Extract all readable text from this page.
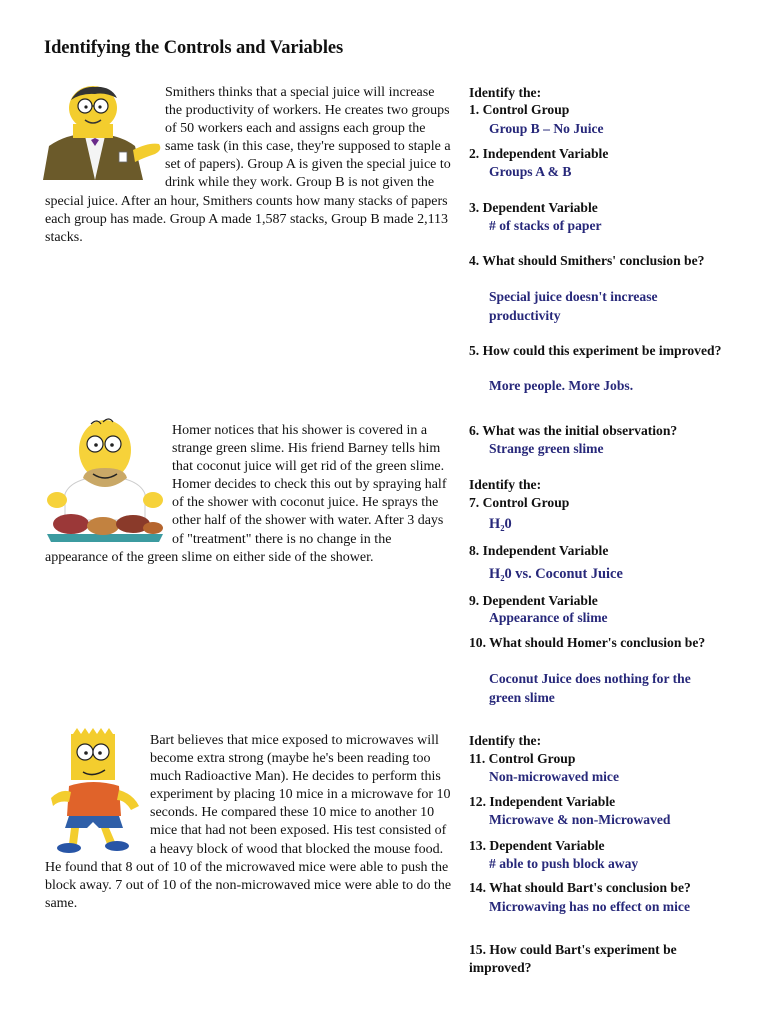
Identifying the Controls and Variables
Smithers thinks that a special juice will increase the productivity of workers. He creates two groups of 50 workers each and assigns each group the same task (in this case, they're supposed to staple a set of papers). Group A is given the special juice to drink while they work. Group B is not given the special juice. After an hour, Smithers counts how many stacks of papers each group has made. Group A made 1,587 stacks, Group B made 2,113 stacks.
Homer notices that his shower is covered in a strange green slime. His friend Barney tells him that coconut juice will get rid of the green slime. Homer decides to check this out by spraying half of the shower with coconut juice. He sprays the other half of the shower with water. After 3 days of "treatment" there is no change in the appearance of the green slime on either side of the shower.
Bart believes that mice exposed to microwaves will become extra strong (maybe he's been reading too much Radioactive Man). He decides to perform this experiment by placing 10 mice in a microwave for 10 seconds. He compared these 10 mice to another 10 mice that had not been exposed. His test consisted of a heavy block of wood that blocked the mouse food. He found that 8 out of 10 of the microwaved mice were able to push the block away. 7 out of 10 of the non-microwaved mice were able to do the same.
Identify the:
1. Control Group
Group B – No Juice
2. Independent Variable
Groups A & B
3. Dependent Variable
# of stacks of paper
4. What should Smithers' conclusion be?
Special juice doesn't increase productivity
5. How could this experiment be improved?
More people. More Jobs.
6. What was the initial observation?
Strange green slime
Identify the:
7. Control Group
H₂0
8. Independent Variable
H₂0 vs. Coconut Juice
9. Dependent Variable
Appearance of slime
10. What should Homer's conclusion be?
Coconut Juice does nothing for the green slime
Identify the:
11. Control Group
Non-microwaved mice
12. Independent Variable
Microwave & non-Microwaved
13. Dependent Variable
# able to push block away
14. What should Bart's conclusion be?
Microwaving has no effect on mice
15. How could Bart's experiment be improved?
